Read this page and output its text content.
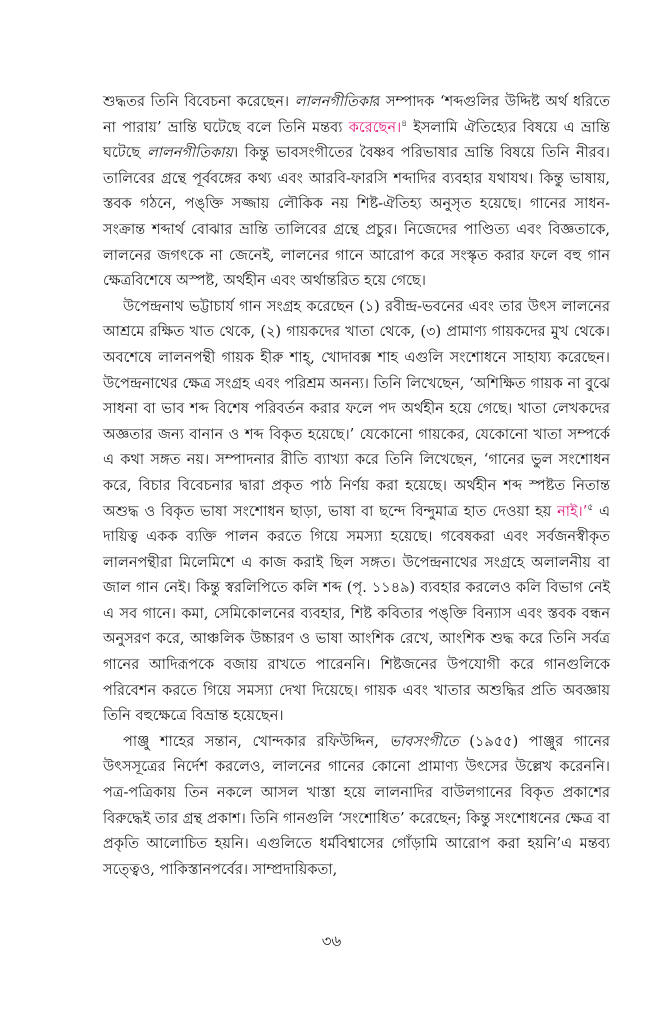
শুদ্ধতর তিনি বিবেচনা করেছেন। লালনগীতিকার সম্পাদক ‘শব্দগুলির উদ্দিষ্ট অর্থ ধরিতে না পারায়’ ভ্রান্তি ঘটেছে বলে তিনি মন্তব্য করেছেন।$^৪$ ইসলামি ঐতিহ্যের বিষয়ে এ ভ্রান্তি ঘটেছে লালনগীতিকায়। কিন্তু ভাবসংগীতের বৈষ্ণব পরিভাষার ভ্রান্তি বিষয়ে তিনি নীরব। তালিবের গ্রন্থে পূর্ববঙ্গের কথ্য এবং আরবি-ফারসি শব্দাদির ব্যবহার যথাযথ। কিন্তু ভাষায়, স্তবক গঠনে, পঙ্‌ক্তি সজ্জায় লৌকিক নয় শিষ্ট-ঐতিহ্য অনুসৃত হয়েছে। গানের সাধন-সংক্রান্ত শব্দার্থ বোঝার ভ্রান্তি তালিবের গ্রন্থে প্রচুর। নিজেদের পাণ্ডিত্য এবং বিজ্ঞতাকে, লালনের জগৎকে না জেনেই, লালনের গানে আরোপ করে সংস্কৃত করার ফলে বহু গান ক্ষেত্রবিশেষে অস্পষ্ট, অর্থহীন এবং অর্থান্তরিত হয়ে গেছে।

উপেন্দ্রনাথ ভট্টাচার্য গান সংগ্রহ করেছেন (১) রবীন্দ্র-ভবনের এবং তার উৎস লালনের আশ্রমে রক্ষিত খাত থেকে, (২) গায়কদের খাতা থেকে, (৩) প্রামাণ্য গায়কদের মুখ থেকে। অবশেষে লালনপন্থী গায়ক হীরু শাহ্‌, খোদাবক্স শাহ এগুলি সংশোধনে সাহায্য করেছেন। উপেন্দ্রনাথের ক্ষেত্র সংগ্রহ এবং পরিশ্রম অনন্য। তিনি লিখেছেন, ‘অশিক্ষিত গায়ক না বুঝে সাধনা বা ভাব শব্দ বিশেষ পরিবর্তন করার ফলে পদ অর্থহীন হয়ে গেছে। খাতা লেখকদের অজ্ঞতার জন্য বানান ও শব্দ বিকৃত হয়েছে।’ যেকোনো গায়কের, যেকোনো খাতা সম্পর্কে এ কথা সঙ্গত নয়। সম্পাদনার রীতি ব্যাখ্যা করে তিনি লিখেছেন, ‘গানের ভুল সংশোধন করে, বিচার বিবেচনার দ্বারা প্রকৃত পাঠ নির্ণয় করা হয়েছে। অর্থহীন শব্দ স্পষ্টত নিতান্ত অশুদ্ধ ও বিকৃত ভাষা সংশোধন ছাড়া, ভাষা বা ছন্দে বিন্দুমাত্র হাত দেওয়া হয় নাই।’$^৫$ এ দায়িত্ব একক ব্যক্তি পালন করতে গিয়ে সমস্যা হয়েছে। গবেষকরা এবং সর্বজনস্বীকৃত লালনপন্থীরা মিলেমিশে এ কাজ করাই ছিল সঙ্গত। উপেন্দ্রনাথের সংগ্রহে অলালনীয় বা জাল গান নেই। কিন্তু স্বরলিপিতে কলি শব্দ (পৃ. ১১৪৯) ব্যবহার করলেও কলি বিভাগ নেই এ সব গানে। কমা, সেমিকোলনের ব্যবহার, শিষ্ট কবিতার পঙ্‌ক্তি বিন্যাস এবং স্তবক বন্ধন অনুসরণ করে, আঞ্চলিক উচ্চারণ ও ভাষা আংশিক রেখে, আংশিক শুদ্ধ করে তিনি সর্বত্র গানের আদিরূপকে বজায় রাখতে পারেননি। শিষ্টজনের উপযোগী করে গানগুলিকে পরিবেশন করতে গিয়ে সমস্যা দেখা দিয়েছে। গায়ক এবং খাতার অশুদ্ধির প্রতি অবজ্ঞায় তিনি বহুক্ষেত্রে বিভ্রান্ত হয়েছেন।

পাঞ্জু শাহের সন্তান, খোন্দকার রফিউদ্দিন, ভাবসংগীতে (১৯৫৫) পাঞ্জুর গানের উৎসসূত্রের নির্দেশ করলেও, লালনের গানের কোনো প্রামাণ্য উৎসের উল্লেখ করেননি। পত্র-পত্রিকায় তিন নকলে আসল খাস্তা হয়ে লালনাদির বাউলগানের বিকৃত প্রকাশের বিরুদ্ধেই তার গ্রন্থ প্রকাশ। তিনি গানগুলি ‘সংশোধিত’ করেছেন; কিন্তু সংশোধনের ক্ষেত্র বা প্রকৃতি আলোচিত হয়নি। এগুলিতে ধর্মবিশ্বাসের গোঁড়ামি আরোপ করা হয়নি’এ মন্তব্য সত্ত্বেও, পাকিস্তানপর্বের। সাম্প্রদায়িকতা,

৩৬
